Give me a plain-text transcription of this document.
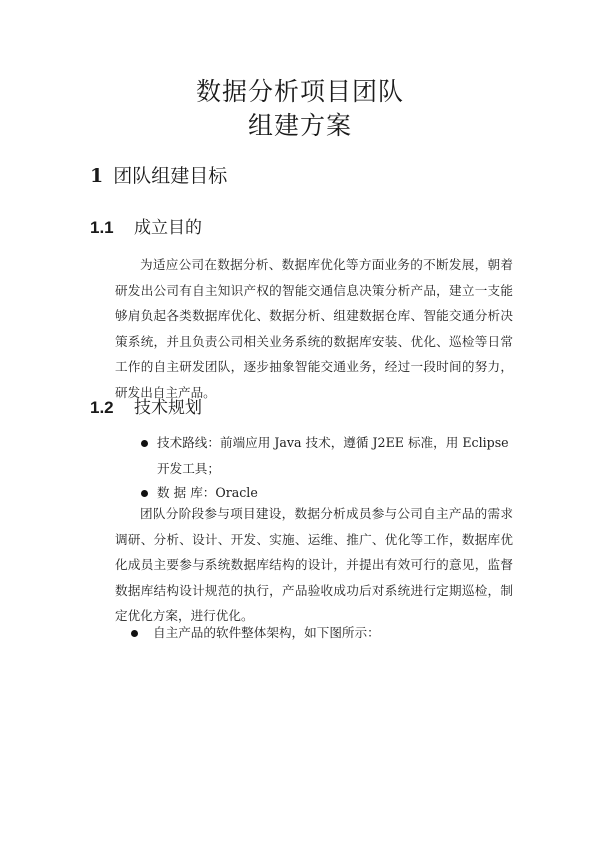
数据分析项目团队
组建方案
1 团队组建目标
1.1 成立目的
为适应公司在数据分析、数据库优化等方面业务的不断发展，朝着研发出公司有自主知识产权的智能交通信息决策分析产品，建立一支能够肩负起各类数据库优化、数据分析、组建数据仓库、智能交通分析决策系统，并且负责公司相关业务系统的数据库安装、优化、巡检等日常工作的自主研发团队，逐步抽象智能交通业务，经过一段时间的努力，研发出自主产品。
1.2 技术规划
技术路线：前端应用 Java 技术，遵循 J2EE 标准，用 Eclipse 开发工具；
数 据 库：Oracle
团队分阶段参与项目建设，数据分析成员参与公司自主产品的需求调研、分析、设计、开发、实施、运维、推广、优化等工作，数据库优化成员主要参与系统数据库结构的设计，并提出有效可行的意见，监督数据库结构设计规范的执行，产品验收成功后对系统进行定期巡检，制定优化方案，进行优化。
自主产品的软件整体架构，如下图所示：
